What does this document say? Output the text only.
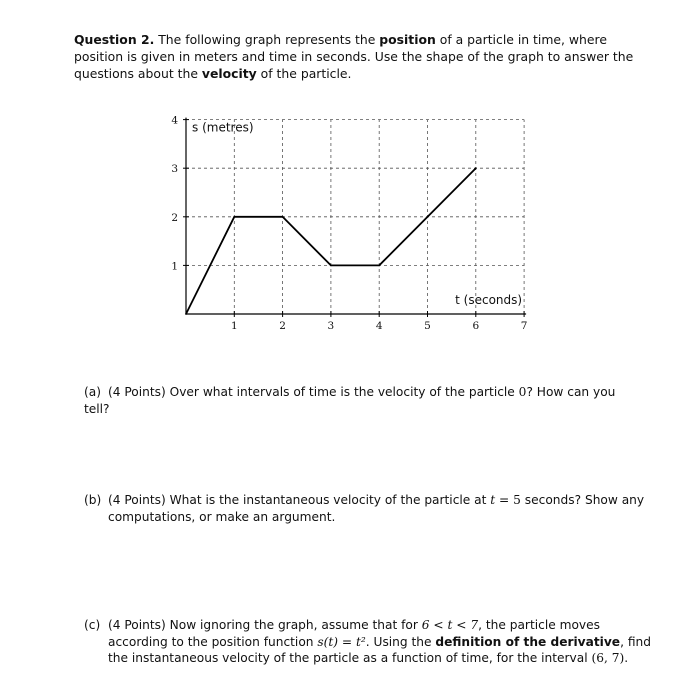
Question 2. The following graph represents the position of a particle in time, where position is given in meters and time in seconds. Use the shape of the graph to answer the questions about the velocity of the particle.
1	2	3	4	5	6	7
1
2
3
4
s (metres)
t (seconds)
(a) (4 Points) Over what intervals of time is the velocity of the particle 0? How can you tell?
(b) (4 Points) What is the instantaneous velocity of the particle at t = 5 seconds? Show any computations, or make an argument.
(c) (4 Points) Now ignoring the graph, assume that for 6 < t < 7, the particle moves according to the position function s(t) = t². Using the definition of the derivative, find the instantaneous velocity of the particle as a function of time, for the interval (6, 7).
